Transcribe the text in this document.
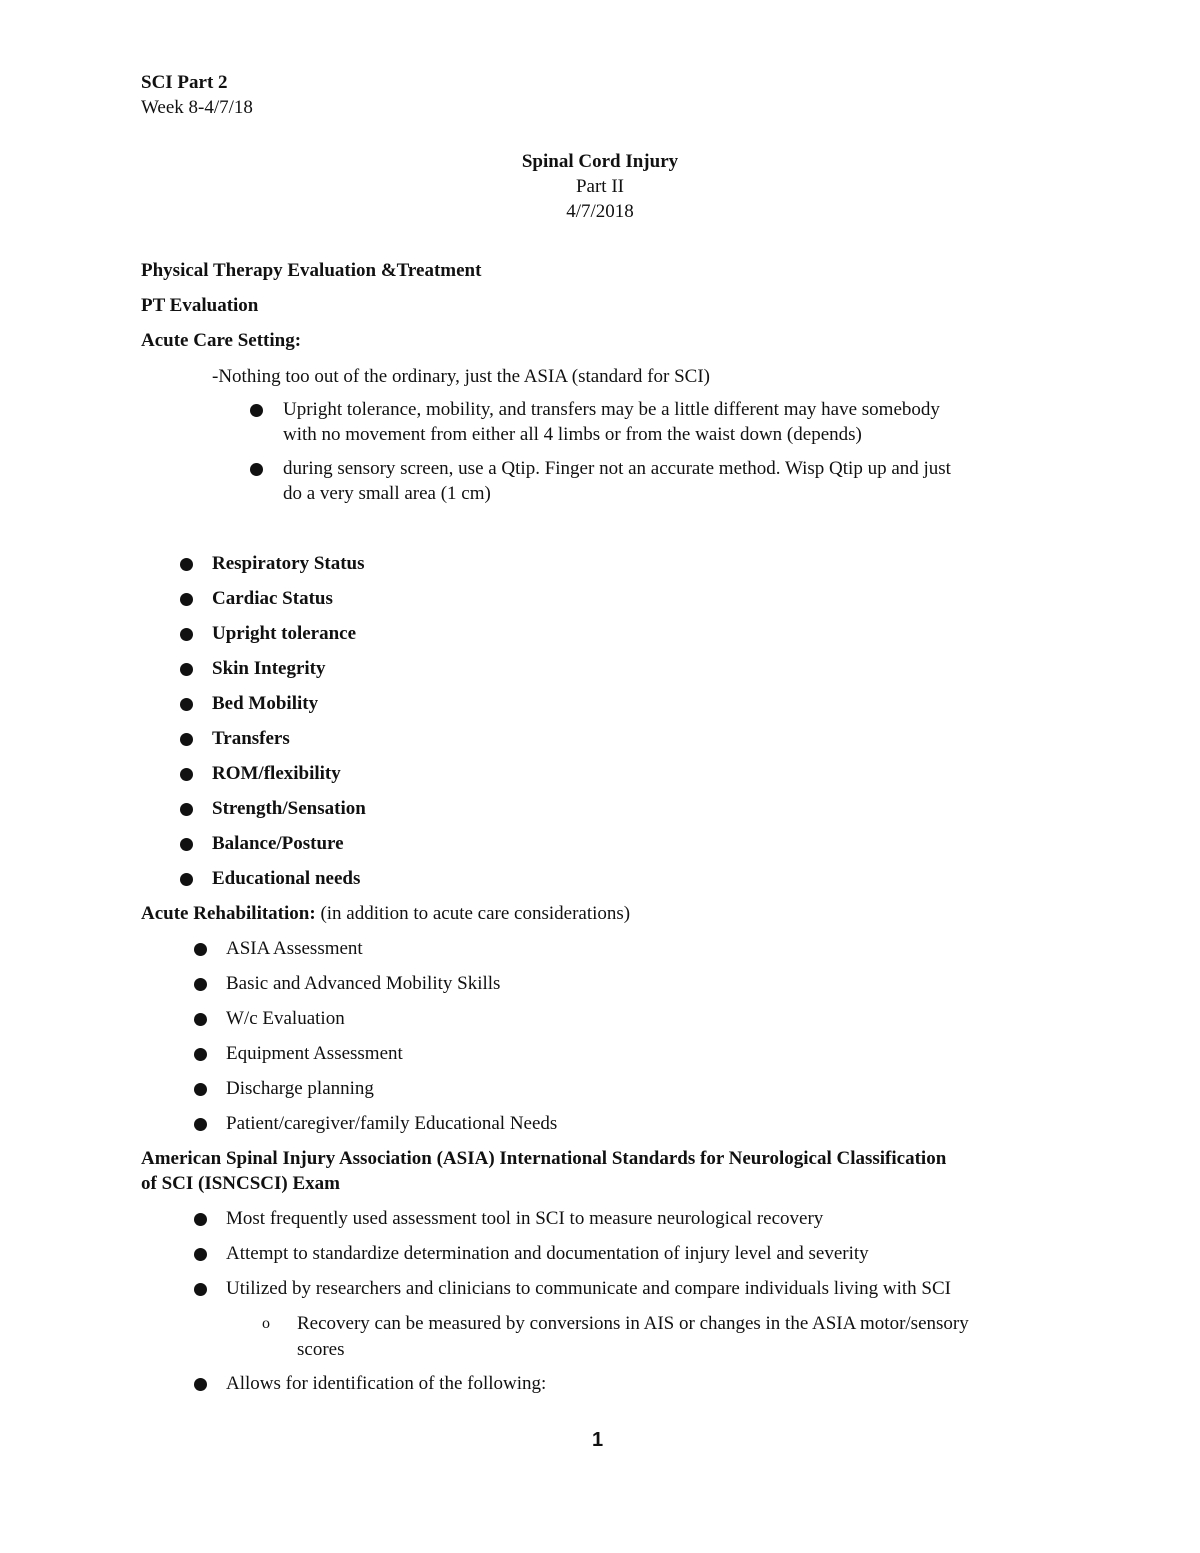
SCI Part 2
Week 8-4/7/18
Spinal Cord Injury
Part II
4/7/2018
Physical Therapy Evaluation &Treatment
PT Evaluation
Acute Care Setting:
-Nothing too out of the ordinary, just the ASIA (standard for SCI)
Upright tolerance, mobility, and transfers may be a little different may have somebody
with no movement from either all 4 limbs or from the waist down (depends)
during sensory screen, use a Qtip. Finger not an accurate method. Wisp Qtip up and just
do a very small area (1 cm)
Respiratory Status
Cardiac Status
Upright tolerance
Skin Integrity
Bed Mobility
Transfers
ROM/flexibility
Strength/Sensation
Balance/Posture
Educational needs
Acute Rehabilitation: (in addition to acute care considerations)
ASIA Assessment
Basic and Advanced Mobility Skills
W/c Evaluation
Equipment Assessment
Discharge planning
Patient/caregiver/family Educational Needs
American Spinal Injury Association (ASIA) International Standards for Neurological Classification
of SCI (ISNCSCI) Exam
Most frequently used assessment tool in SCI to measure neurological recovery
Attempt to standardize determination and documentation of injury level and severity
Utilized by researchers and clinicians to communicate and compare individuals living with SCI
o Recovery can be measured by conversions in AIS or changes in the ASIA motor/sensory
scores
Allows for identification of the following:
1
